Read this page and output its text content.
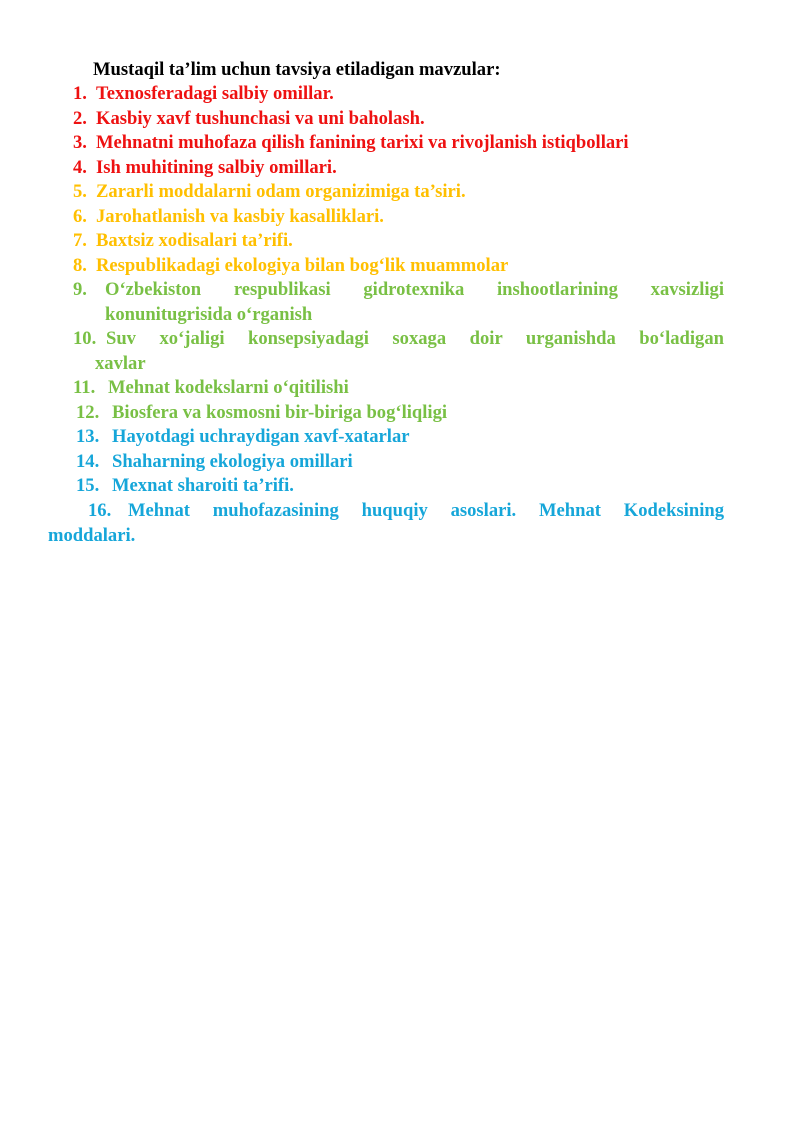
Mustaqil ta’lim uchun tavsiya etiladigan mavzular:
1. Texnosferadagi salbiy omillar.
2. Kasbiy xavf tushunchasi va uni baholash.
3. Mehnatni muhofaza qilish fanining tarixi va rivojlanish istiqbollari
4. Ish muhitining salbiy omillari.
5. Zararli moddalarni odam organizimiga ta’siri.
6. Jarohatlanish va kasbiy kasalliklari.
7. Baxtsiz xodisalari ta’rifi.
8. Respublikadagi ekologiya bilan bog‘lik muammolar
9. O‘zbekiston respublikasi gidrotexnika inshootlarining xavsizligi
konunitugrisida o‘rganish
10. Suv xo‘jaligi konsepsiyadagi soxaga doir urganishda bo‘ladigan
xavlar
11. Mehnat kodekslarni o‘qitilishi
12. Biosfera va kosmosni bir-biriga bog‘liqligi
13. Hayotdagi uchraydigan xavf-xatarlar
14. Shaharning ekologiya omillari
15. Mexnat sharoiti ta’rifi.
16. Mehnat muhofazasining huquqiy asoslari. Mehnat Kodeksining
moddalari.
